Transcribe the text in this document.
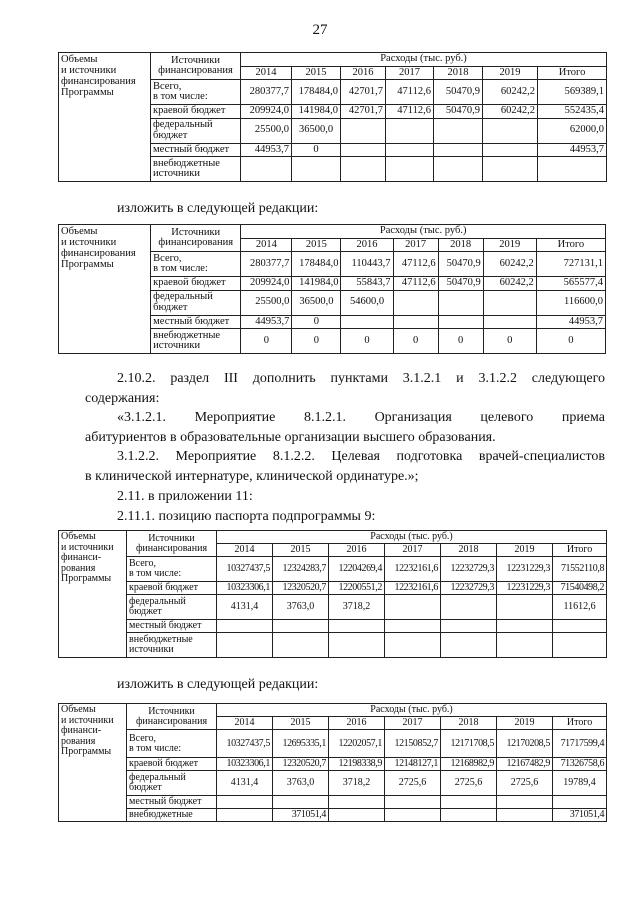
27
Объемы
и источники
финансирования
Программы	Источники
финансирования	Расходы (тыс. руб.)						
		2014	2015	2016	2017	2018	2019	Итого
	Всего,
в том числе:	280377,7	178484,0	42701,7	47112,6	50470,9	60242,2	569389,1
	краевой бюджет	209924,0	141984,0	42701,7	47112,6	50470,9	60242,2	552435,4
	федеральный
бюджет	25500,0	36500,0					62000,0
	местный бюджет	44953,7	0					44953,7
	внебюджетные
источники							

изложить в следующей редакции:

Объемы
и источники
финансирования
Программы	Источники
финансирования	Расходы (тыс. руб.)						
		2014	2015	2016	2017	2018	2019	Итого
	Всего,
в том числе:	280377,7	178484,0	110443,7	47112,6	50470,9	60242,2	727131,1
	краевой бюджет	209924,0	141984,0	55843,7	47112,6	50470,9	60242,2	565577,4
	федеральный
бюджет	25500,0	36500,0	54600,0				116600,0
	местный бюджет	44953,7	0					44953,7
	внебюджетные
источники	0	0	0	0	0	0	0

2.10.2. раздел III дополнить пунктами 3.1.2.1 и 3.1.2.2 следующего

содержания:

«3.1.2.1. Мероприятие 8.1.2.1. Организация целевого приема

абитуриентов в образовательные организации высшего образования.

3.1.2.2. Мероприятие 8.1.2.2. Целевая подготовка врачей-специалистов

в клинической интернатуре, клинической ординатуре.»;

2.11. в приложении 11:

2.11.1. позицию паспорта подпрограммы 9:

Объемы
и источники
финанси-
рования
Программы	Источники
финансирования	Расходы (тыс. руб.)						
		2014	2015	2016	2017	2018	2019	Итого
	Всего,
в том числе:	10327437,5	12324283,7	12204269,4	12232161,6	12232729,3	12231229,3	71552110,8
	краевой бюджет	10323306,1	12320520,7	12200551,2	12232161,6	12232729,3	12231229,3	71540498,2
	федеральный
бюджет	4131,4	3763,0	3718,2				11612,6
	местный бюджет							
	внебюджетные
источники							

изложить в следующей редакции:

Объемы
и источники
финанси-
рования
Программы	Источники
финансирования	Расходы (тыс. руб.)						
		2014	2015	2016	2017	2018	2019	Итого
	Всего,
в том числе:	10327437,5	12695335,1	12202057,1	12150852,7	12171708,5	12170208,5	71717599,4
	краевой бюджет	10323306,1	12320520,7	12198338,9	12148127,1	12168982,9	12167482,9	71326758,6
	федеральный
бюджет	4131,4	3763,0	3718,2	2725,6	2725,6	2725,6	19789,4
	местный бюджет							
	внебюджетные		371051,4					371051,4
